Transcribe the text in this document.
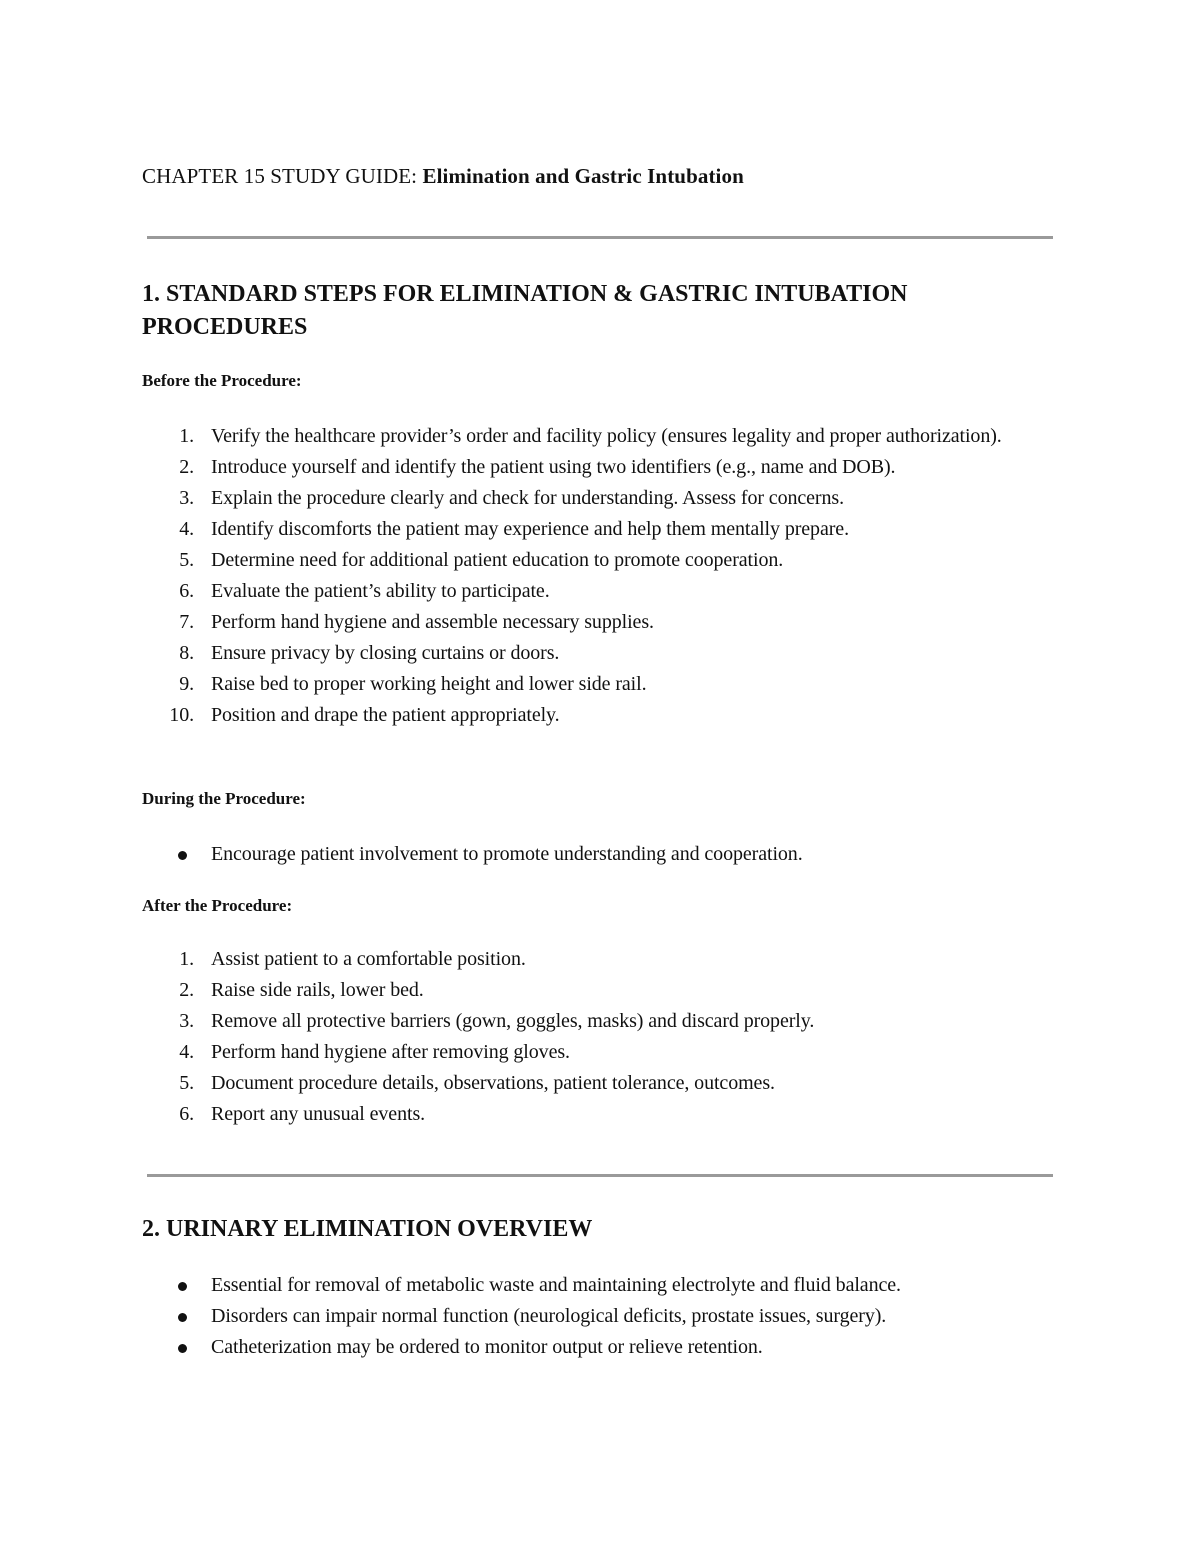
CHAPTER 15 STUDY GUIDE: Elimination and Gastric Intubation
1. STANDARD STEPS FOR ELIMINATION & GASTRIC INTUBATION PROCEDURES
Before the Procedure:
1. Verify the healthcare provider’s order and facility policy (ensures legality and proper authorization).
2. Introduce yourself and identify the patient using two identifiers (e.g., name and DOB).
3. Explain the procedure clearly and check for understanding. Assess for concerns.
4. Identify discomforts the patient may experience and help them mentally prepare.
5. Determine need for additional patient education to promote cooperation.
6. Evaluate the patient’s ability to participate.
7. Perform hand hygiene and assemble necessary supplies.
8. Ensure privacy by closing curtains or doors.
9. Raise bed to proper working height and lower side rail.
10. Position and drape the patient appropriately.
During the Procedure:
Encourage patient involvement to promote understanding and cooperation.
After the Procedure:
1. Assist patient to a comfortable position.
2. Raise side rails, lower bed.
3. Remove all protective barriers (gown, goggles, masks) and discard properly.
4. Perform hand hygiene after removing gloves.
5. Document procedure details, observations, patient tolerance, outcomes.
6. Report any unusual events.
2. URINARY ELIMINATION OVERVIEW
Essential for removal of metabolic waste and maintaining electrolyte and fluid balance.
Disorders can impair normal function (neurological deficits, prostate issues, surgery).
Catheterization may be ordered to monitor output or relieve retention.
